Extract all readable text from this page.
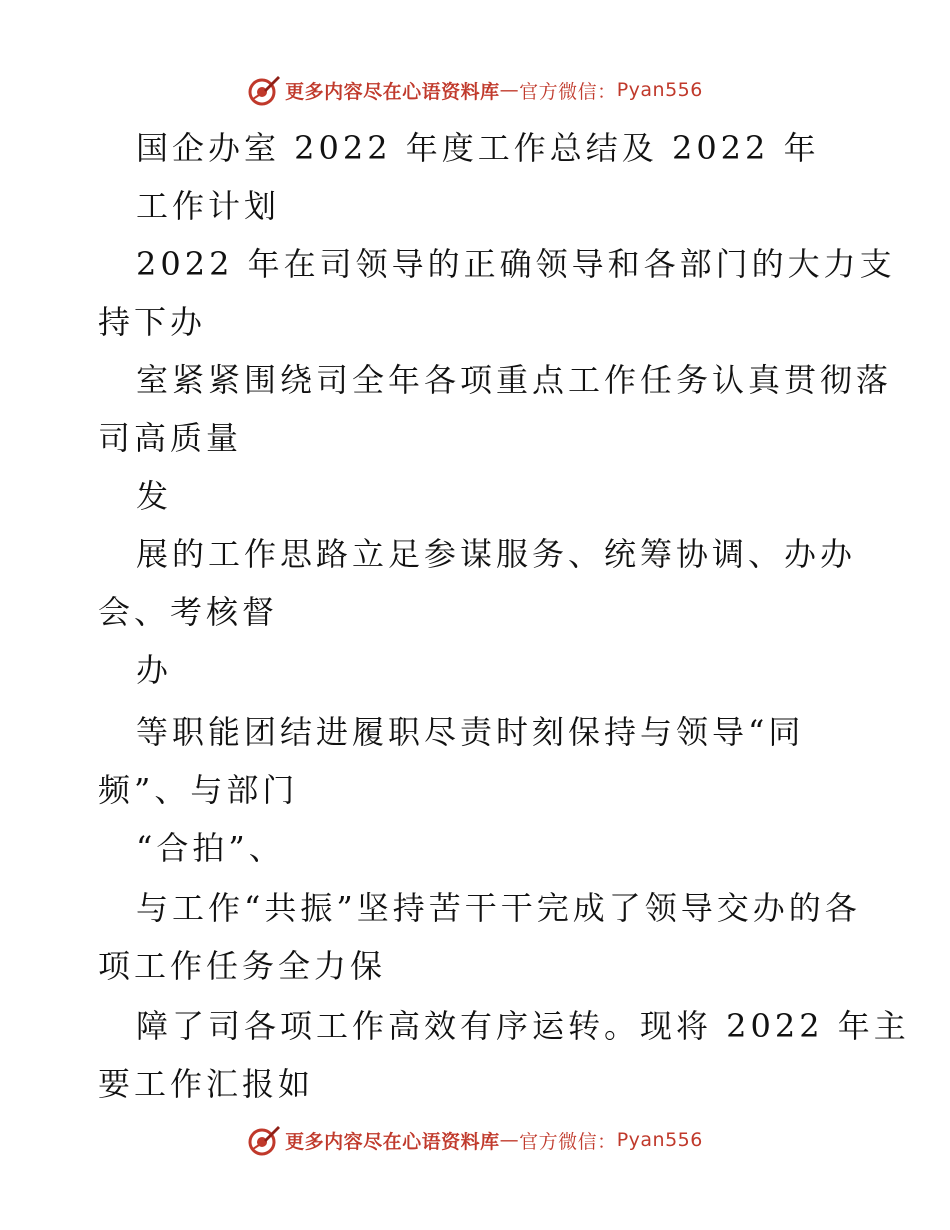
更多内容尽在心语资料库 — 官方微信： Pyan556
国企办室 2022 年度工作总结及 2022 年
工作计划
2022 年在司领导的正确领导和各部门的大力支
持下办
室紧紧围绕司全年各项重点工作任务认真贯彻落
司高质量
发
展的工作思路立足参谋服务、统筹协调、办办
会、考核督
办
等职能团结进履职尽责时刻保持与领导“同
频”、与部门
“合拍”、
与工作“共振”坚持苦干干完成了领导交办的各
项工作任务全力保
障了司各项工作高效有序运转。现将 2022 年主
要工作汇报如
更多内容尽在心语资料库 — 官方微信： Pyan556
